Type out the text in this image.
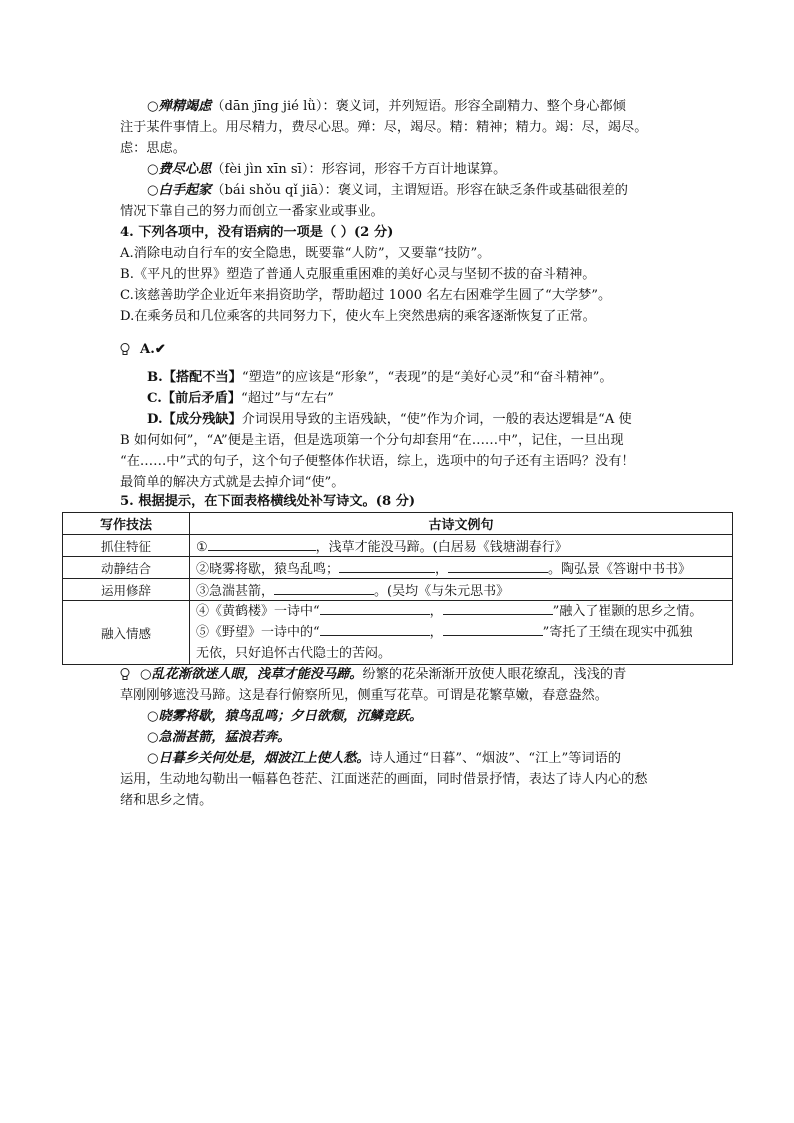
○殚精竭虑（dān jīng jié lǜ）：褒义词，并列短语。形容全副精力、整个身心都倾
注于某件事情上。用尽精力，费尽心思。殚：尽，竭尽。精：精神；精力。竭：尽，竭尽。
虑：思虑。
○费尽心思（fèi jìn xīn sī）：形容词，形容千方百计地谋算。
○白手起家（bái shǒu qǐ jiā）：褒义词，主谓短语。形容在缺乏条件或基础很差的
情况下靠自己的努力而创立一番家业或事业。
4. 下列各项中，没有语病的一项是（ ）(2 分)
A.消除电动自行车的安全隐患，既要靠“人防”，又要靠“技防”。
B.《平凡的世界》塑造了普通人克服重重困难的美好心灵与坚韧不拔的奋斗精神。
C.该慈善助学企业近年来捐资助学，帮助超过 1000 名左右困难学生圆了“大学梦”。
D.在乘务员和几位乘客的共同努力下，使火车上突然患病的乘客逐渐恢复了正常。
A.✔
B.【搭配不当】“塑造”的应该是“形象”，“表现”的是“美好心灵”和“奋斗精神”。
C.【前后矛盾】“超过”与“左右”
D.【成分残缺】介词误用导致的主语残缺，“使”作为介词，一般的表达逻辑是“A 使
B 如何如何”，“A”便是主语，但是选项第一个分句却套用“在……中”，记住，一旦出现
“在……中”式的句子，这个句子便整体作状语，综上，选项中的句子还有主语吗？没有！
最简单的解决方式就是去掉介词“使”。
5. 根据提示，在下面表格横线处补写诗文。(8 分)
写作技法	古诗文例句
抓住特征	① ，浅草才能没马蹄。(白居易《钱塘湖春行》
动静结合	②晓雾将歇，猿鸟乱鸣； ， 。陶弘景《答谢中书书》
运用修辞	③急湍甚箭， 。(吴均《与朱元思书》
融入情感	④《黄鹤楼》一诗中“ ， ”融入了崔颢的思乡之情。
⑤《野望》一诗中的“ ， ”寄托了王绩在现实中孤独
无依，只好追怀古代隐士的苦闷。
○乱花渐欲迷人眼，浅草才能没马蹄。纷繁的花朵渐渐开放使人眼花缭乱，浅浅的青
草刚刚够遮没马蹄。这是春行俯察所见，侧重写花草。可谓是花繁草嫩，春意盎然。
○晓雾将歇，猿鸟乱鸣；夕日欲颓，沉鳞竞跃。
○急湍甚箭，猛浪若奔。
○日暮乡关何处是，烟波江上使人愁。诗人通过“日暮”、“烟波”、“江上”等词语的
运用，生动地勾勒出一幅暮色苍茫、江面迷茫的画面，同时借景抒情，表达了诗人内心的愁
绪和思乡之情。
